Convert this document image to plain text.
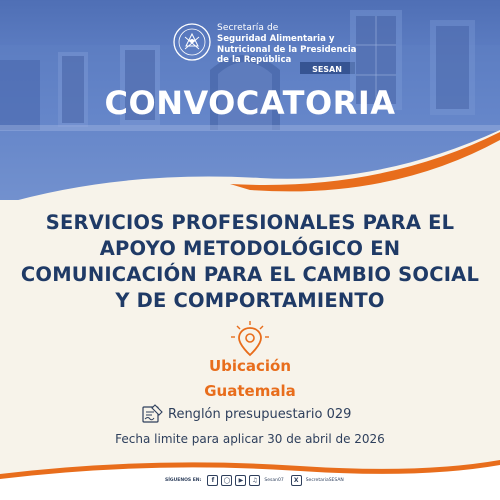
SESAN
Secretaría de
Seguridad Alimentaria y Nutricional de la Presidencia de la República
CONVOCATORIA
SERVICIOS PROFESIONALES PARA EL APOYO METODOLÓGICO EN COMUNICACIÓN PARA EL CAMBIO SOCIAL Y DE COMPORTAMIENTO
Ubicación
Guatemala
Renglón presupuestario 029
Fecha limite para aplicar 30 de abril de 2026
SÍGUENOS EN:	f	◯	▶	♫	Sesan07	X	SecretariaSESAN
